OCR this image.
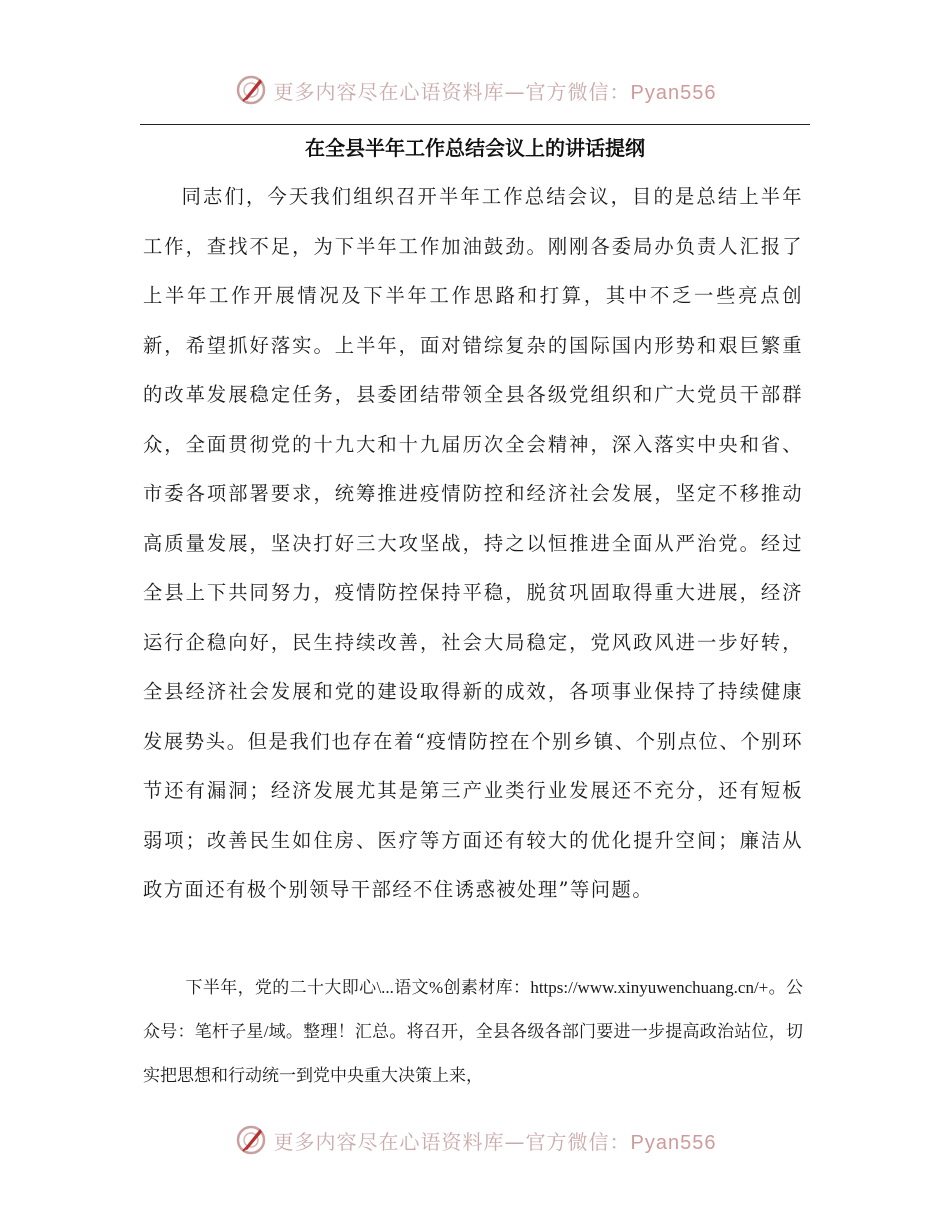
更多内容尽在心语资料库—官方微信：Pyan556
在全县半年工作总结会议上的讲话提纲

同志们，今天我们组织召开半年工作总结会议，目的是总结上半年工作，查找不足，为下半年工作加油鼓劲。刚刚各委局办负责人汇报了上半年工作开展情况及下半年工作思路和打算，其中不乏一些亮点创新，希望抓好落实。上半年，面对错综复杂的国际国内形势和艰巨繁重的改革发展稳定任务，县委团结带领全县各级党组织和广大党员干部群众，全面贯彻党的十九大和十九届历次全会精神，深入落实中央和省、市委各项部署要求，统筹推进疫情防控和经济社会发展，坚定不移推动高质量发展，坚决打好三大攻坚战，持之以恒推进全面从严治党。经过全县上下共同努力，疫情防控保持平稳，脱贫巩固取得重大进展，经济运行企稳向好，民生持续改善，社会大局稳定，党风政风进一步好转，全县经济社会发展和党的建设取得新的成效，各项事业保持了持续健康发展势头。但是我们也存在着“疫情防控在个别乡镇、个别点位、个别环节还有漏洞；经济发展尤其是第三产业类行业发展还不充分，还有短板弱项；改善民生如住房、医疗等方面还有较大的优化提升空间；廉洁从政方面还有极个别领导干部经不住诱惑被处理”等问题。

下半年，党的二十大即心\...语文%创素材库：https://www.xinyuwenchuang.cn/+。公众号：笔杆子星/域。整理！汇总。将召开，全县各级各部门要进一步提高政治站位，切实把思想和行动统一到党中央重大决策上来，

更多内容尽在心语资料库—官方微信：Pyan556
